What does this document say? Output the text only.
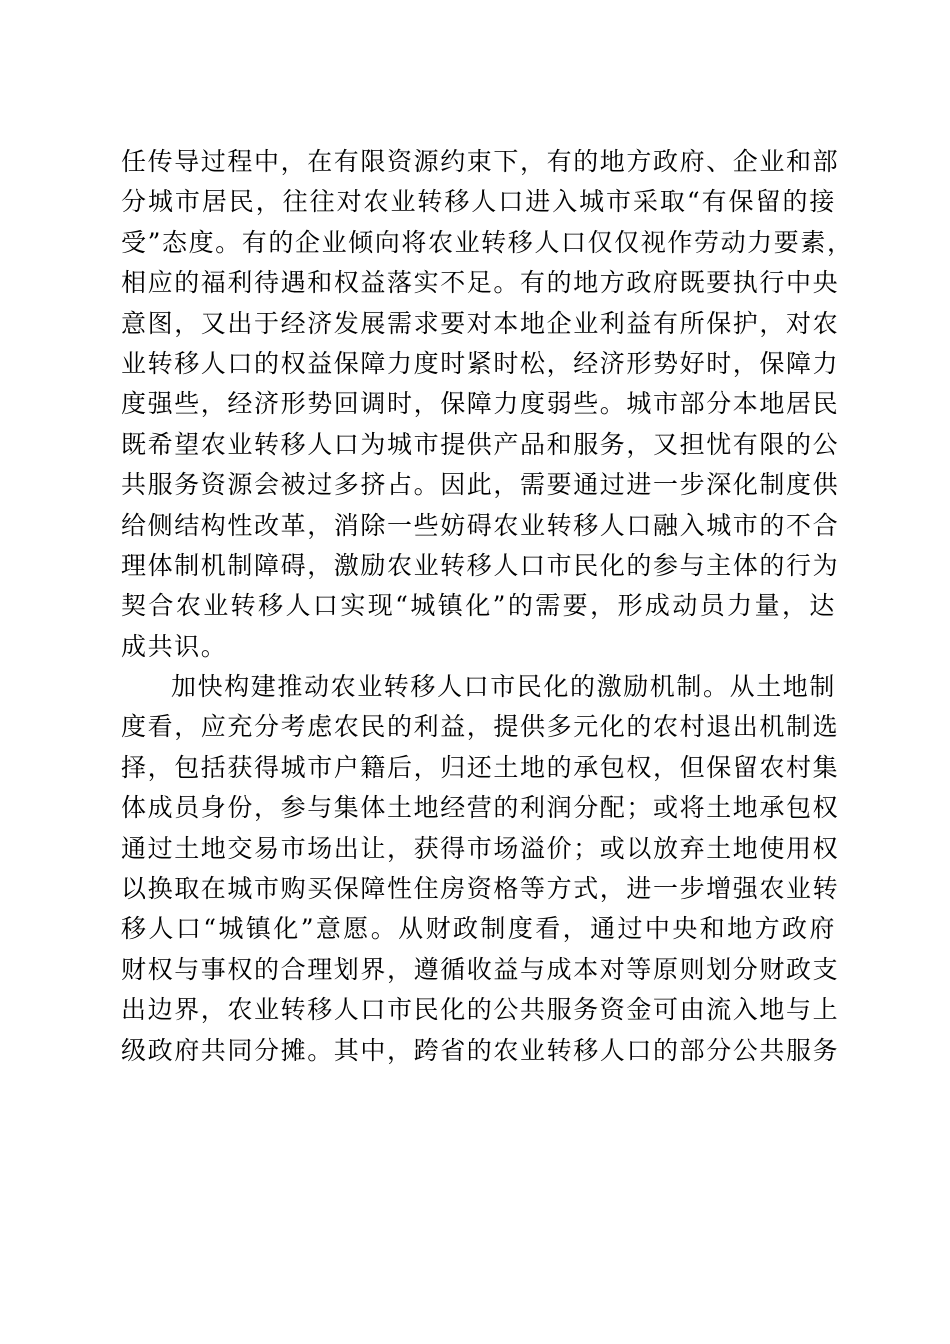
任传导过程中，在有限资源约束下，有的地方政府、企业和部
分城市居民，往往对农业转移人口进入城市采取“有保留的接
受”态度。有的企业倾向将农业转移人口仅仅视作劳动力要素，
相应的福利待遇和权益落实不足。有的地方政府既要执行中央
意图，又出于经济发展需求要对本地企业利益有所保护，对农
业转移人口的权益保障力度时紧时松，经济形势好时，保障力
度强些，经济形势回调时，保障力度弱些。城市部分本地居民
既希望农业转移人口为城市提供产品和服务，又担忧有限的公
共服务资源会被过多挤占。因此，需要通过进一步深化制度供
给侧结构性改革，消除一些妨碍农业转移人口融入城市的不合
理体制机制障碍，激励农业转移人口市民化的参与主体的行为
契合农业转移人口实现“城镇化”的需要，形成动员力量，达
成共识。
加快构建推动农业转移人口市民化的激励机制。从土地制
度看，应充分考虑农民的利益，提供多元化的农村退出机制选
择，包括获得城市户籍后，归还土地的承包权，但保留农村集
体成员身份，参与集体土地经营的利润分配；或将土地承包权
通过土地交易市场出让，获得市场溢价；或以放弃土地使用权
以换取在城市购买保障性住房资格等方式，进一步增强农业转
移人口“城镇化”意愿。从财政制度看，通过中央和地方政府
财权与事权的合理划界，遵循收益与成本对等原则划分财政支
出边界，农业转移人口市民化的公共服务资金可由流入地与上
级政府共同分摊。其中，跨省的农业转移人口的部分公共服务
